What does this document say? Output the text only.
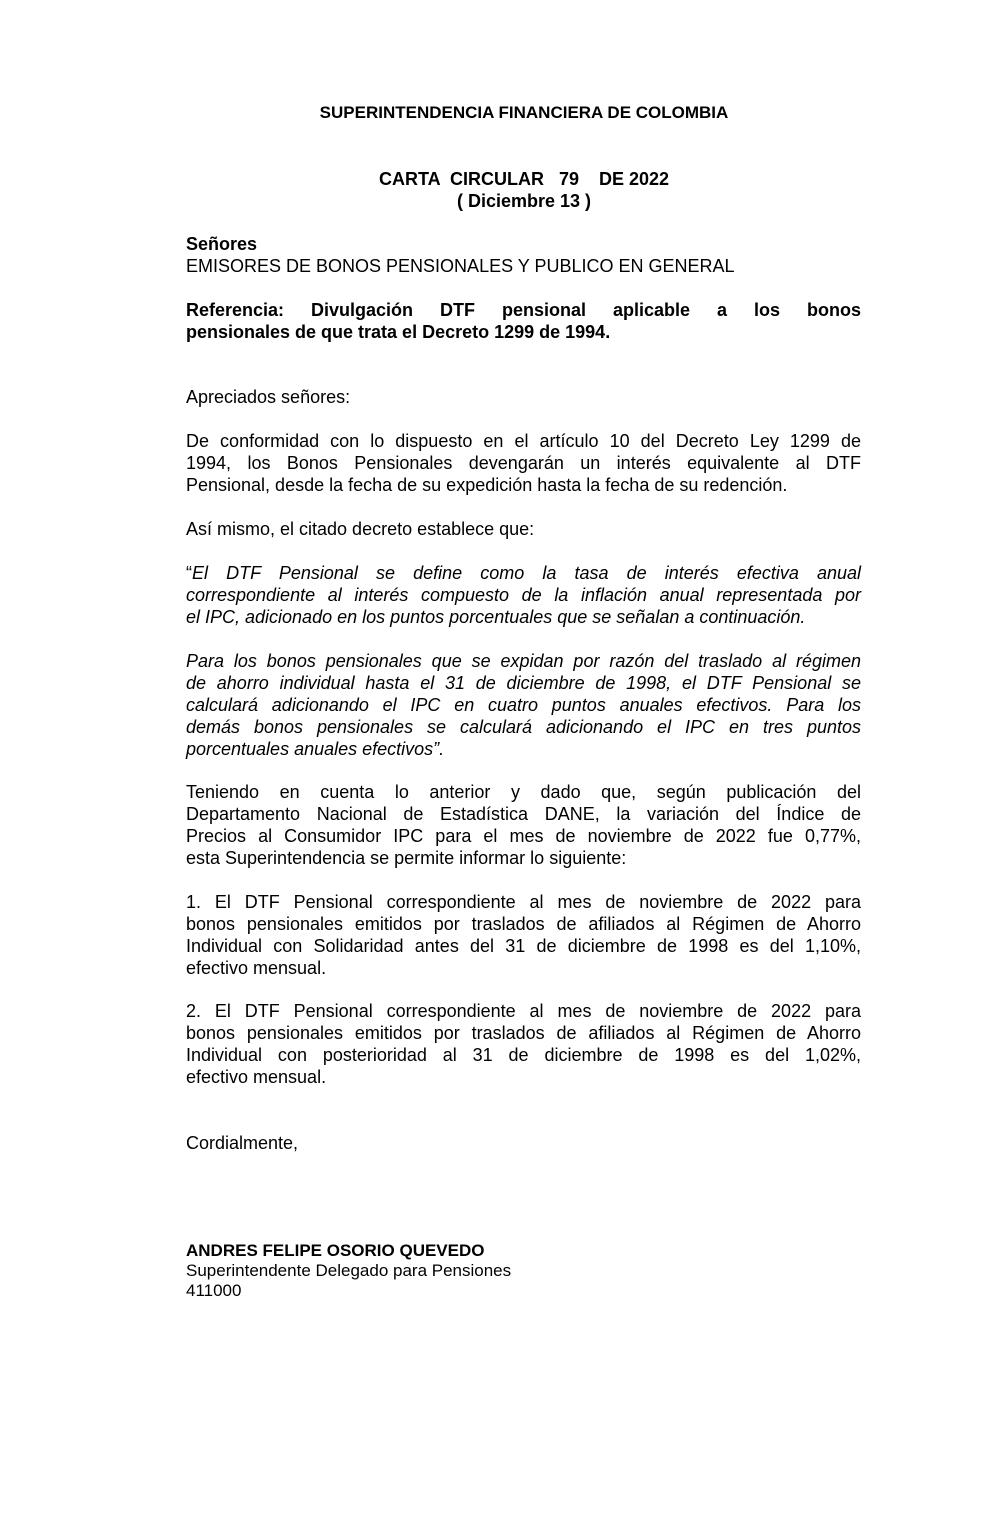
SUPERINTENDENCIA FINANCIERA DE COLOMBIA
CARTA  CIRCULAR   79    DE 2022
( Diciembre 13 )
Señores
EMISORES DE BONOS PENSIONALES Y PUBLICO EN GENERAL
Referencia: Divulgación DTF pensional aplicable a los bonos
pensionales de que trata el Decreto 1299 de 1994.
Apreciados señores:
De conformidad con lo dispuesto en el artículo 10 del Decreto Ley 1299 de
1994, los Bonos Pensionales devengarán un interés equivalente al DTF
Pensional, desde la fecha de su expedición hasta la fecha de su redención.
Así mismo, el citado decreto establece que:
“El DTF Pensional se define como la tasa de interés efectiva anual
correspondiente al interés compuesto de la inflación anual representada por
el IPC, adicionado en los puntos porcentuales que se señalan a continuación.
Para los bonos pensionales que se expidan por razón del traslado al régimen
de ahorro individual hasta el 31 de diciembre de 1998, el DTF Pensional se
calculará adicionando el IPC en cuatro puntos anuales efectivos. Para los
demás bonos pensionales se calculará adicionando el IPC en tres puntos
porcentuales anuales efectivos”.
Teniendo en cuenta lo anterior y dado que, según publicación del
Departamento Nacional de Estadística DANE, la variación del Índice de
Precios al Consumidor IPC para el mes de noviembre de 2022 fue 0,77%,
esta Superintendencia se permite informar lo siguiente:
1. El DTF Pensional correspondiente al mes de noviembre de 2022 para
bonos pensionales emitidos por traslados de afiliados al Régimen de Ahorro
Individual con Solidaridad antes del 31 de diciembre de 1998 es del 1,10%,
efectivo mensual.
2. El DTF Pensional correspondiente al mes de noviembre de 2022 para
bonos pensionales emitidos por traslados de afiliados al Régimen de Ahorro
Individual con posterioridad al 31 de diciembre de 1998 es del 1,02%,
efectivo mensual.
Cordialmente,
ANDRES FELIPE OSORIO QUEVEDO
Superintendente Delegado para Pensiones
411000
